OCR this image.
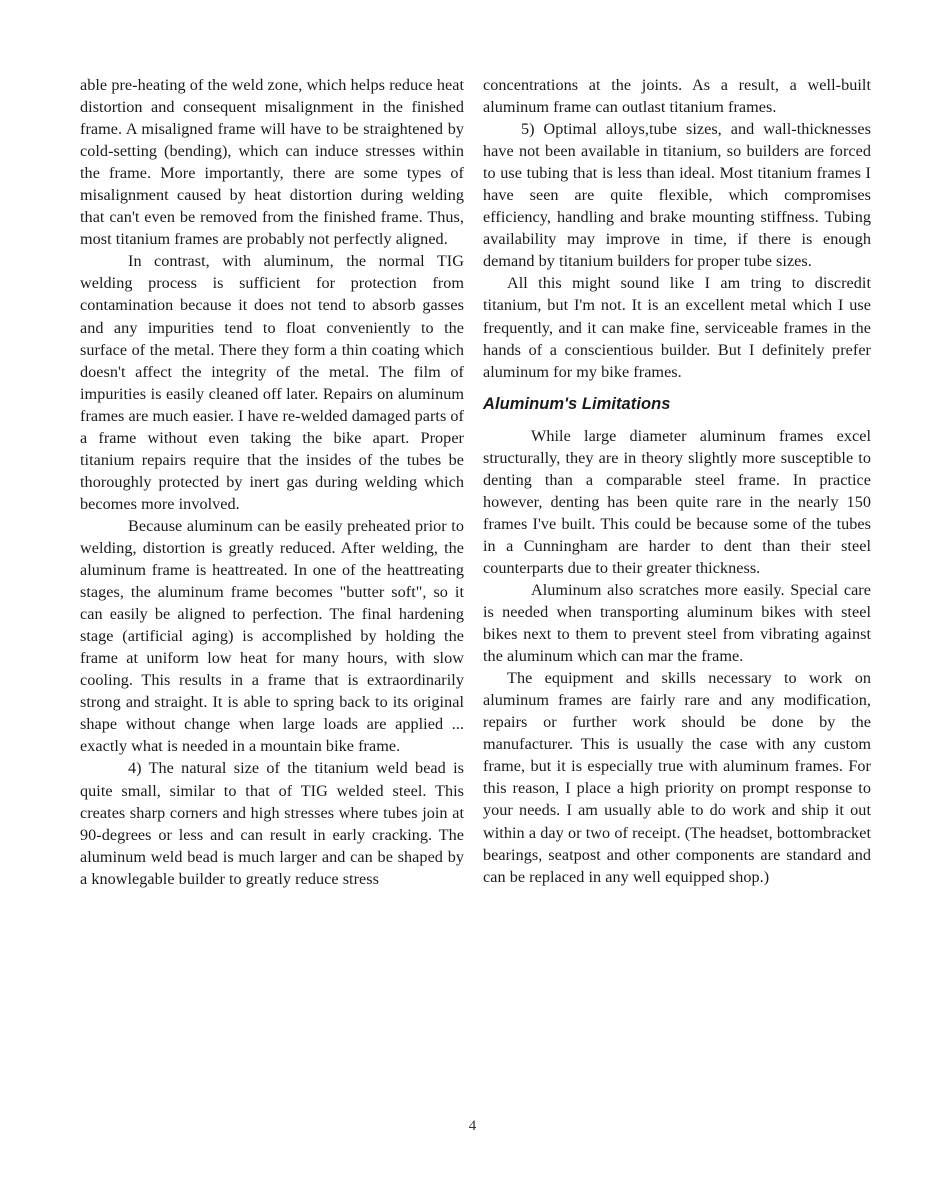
able pre-heating of the weld zone, which helps reduce heat distortion and consequent misalignment in the finished frame. A misaligned frame will have to be straightened by cold-setting (bending), which can induce stresses within the frame. More importantly, there are some types of misalignment caused by heat distortion during welding that can't even be removed from the finished frame. Thus, most titanium frames are probably not perfectly aligned.

In contrast, with aluminum, the normal TIG welding process is sufficient for protection from contamination because it does not tend to absorb gasses and any impurities tend to float conveniently to the surface of the metal. There they form a thin coating which doesn't affect the integrity of the metal. The film of impurities is easily cleaned off later. Repairs on aluminum frames are much easier. I have re-welded damaged parts of a frame without even taking the bike apart. Proper titanium repairs require that the insides of the tubes be thoroughly protected by inert gas during welding which becomes more involved.

Because aluminum can be easily preheated prior to welding, distortion is greatly reduced. After welding, the aluminum frame is heattreated. In one of the heattreating stages, the aluminum frame becomes "butter soft", so it can easily be aligned to perfection. The final hardening stage (artificial aging) is accomplished by holding the frame at uniform low heat for many hours, with slow cooling. This results in a frame that is extraordinarily strong and straight. It is able to spring back to its original shape without change when large loads are applied ... exactly what is needed in a mountain bike frame.

4) The natural size of the titanium weld bead is quite small, similar to that of TIG welded steel. This creates sharp corners and high stresses where tubes join at 90-degrees or less and can result in early cracking. The aluminum weld bead is much larger and can be shaped by a knowlegable builder to greatly reduce stress

concentrations at the joints. As a result, a well-built aluminum frame can outlast titanium frames.

5) Optimal alloys,tube sizes, and wall-thicknesses have not been available in titanium, so builders are forced to use tubing that is less than ideal. Most titanium frames I have seen are quite flexible, which compromises efficiency, handling and brake mounting stiffness. Tubing availability may improve in time, if there is enough demand by titanium builders for proper tube sizes.

All this might sound like I am tring to discredit titanium, but I'm not. It is an excellent metal which I use frequently, and it can make fine, serviceable frames in the hands of a conscientious builder. But I definitely prefer aluminum for my bike frames.

Aluminum's Limitations

While large diameter aluminum frames excel structurally, they are in theory slightly more susceptible to denting than a comparable steel frame. In practice however, denting has been quite rare in the nearly 150 frames I've built. This could be because some of the tubes in a Cunningham are harder to dent than their steel counterparts due to their greater thickness.

Aluminum also scratches more easily. Special care is needed when transporting aluminum bikes with steel bikes next to them to prevent steel from vibrating against the aluminum which can mar the frame.

The equipment and skills necessary to work on aluminum frames are fairly rare and any modification, repairs or further work should be done by the manufacturer. This is usually the case with any custom frame, but it is especially true with aluminum frames. For this reason, I place a high priority on prompt response to your needs. I am usually able to do work and ship it out within a day or two of receipt. (The headset, bottombracket bearings, seatpost and other components are standard and can be replaced in any well equipped shop.)

4
